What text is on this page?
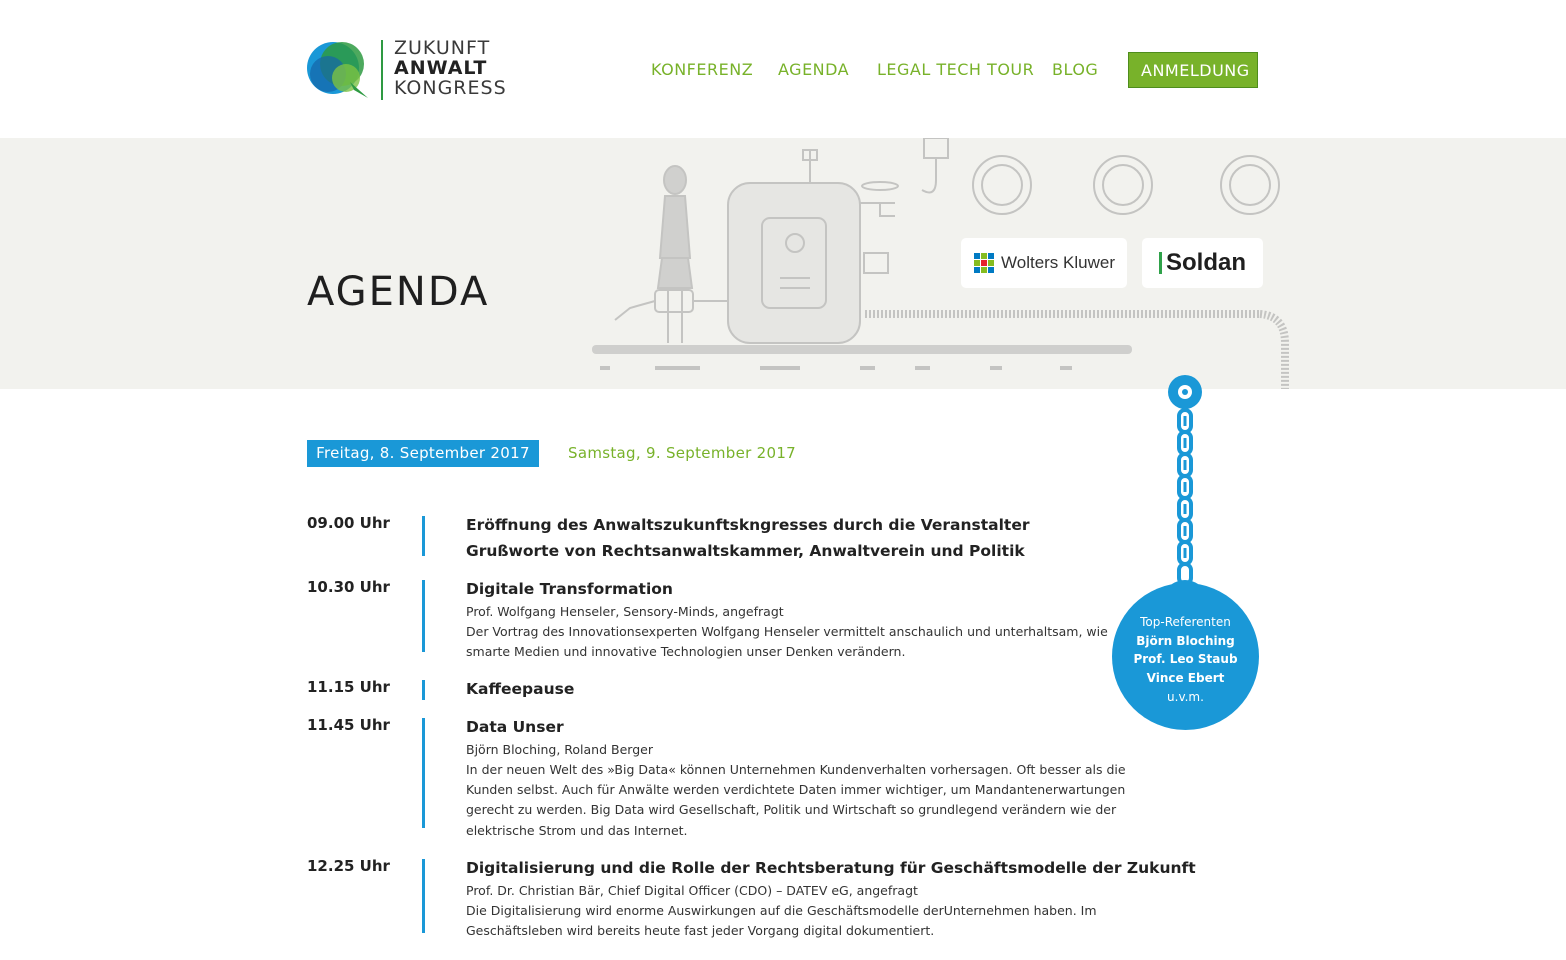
ZUKUNFT
ANWALT
KONGRESS
KONFERENZ AGENDA LEGAL TECH TOUR BLOG	ANMELDUNG
AGENDA
Wolters Kluwer Soldan
Freitag, 8. September 2017	Samstag, 9. September 2017
09.00 Uhr	Eröffnung des Anwaltszukunftskngresses durch die Veranstalter
Grußworte von Rechtsanwaltskammer, Anwaltverein und Politik
10.30 Uhr	Digitale Transformation
Prof. Wolfgang Henseler, Sensory-Minds, angefragt
Der Vortrag des Innovationsexperten Wolfgang Henseler vermittelt anschaulich und unterhaltsam, wie
smarte Medien und innovative Technologien unser Denken verändern.
11.15 Uhr	Kaffeepause
11.45 Uhr	Data Unser
Björn Bloching, Roland Berger
In der neuen Welt des »Big Data« können Unternehmen Kundenverhalten vorhersagen. Oft besser als die
Kunden selbst. Auch für Anwälte werden verdichtete Daten immer wichtiger, um Mandantenerwartungen
gerecht zu werden. Big Data wird Gesellschaft, Politik und Wirtschaft so grundlegend verändern wie der
elektrische Strom und das Internet.
12.25 Uhr	Digitalisierung und die Rolle der Rechtsberatung für Geschäftsmodelle der Zukunft
Prof. Dr. Christian Bär, Chief Digital Officer (CDO) – DATEV eG, angefragt
Die Digitalisierung wird enorme Auswirkungen auf die Geschäftsmodelle derUnternehmen haben. Im
Geschäftsleben wird bereits heute fast jeder Vorgang digital dokumentiert.
Top-Referenten
Björn Bloching
Prof. Leo Staub
Vince Ebert
u.v.m.
